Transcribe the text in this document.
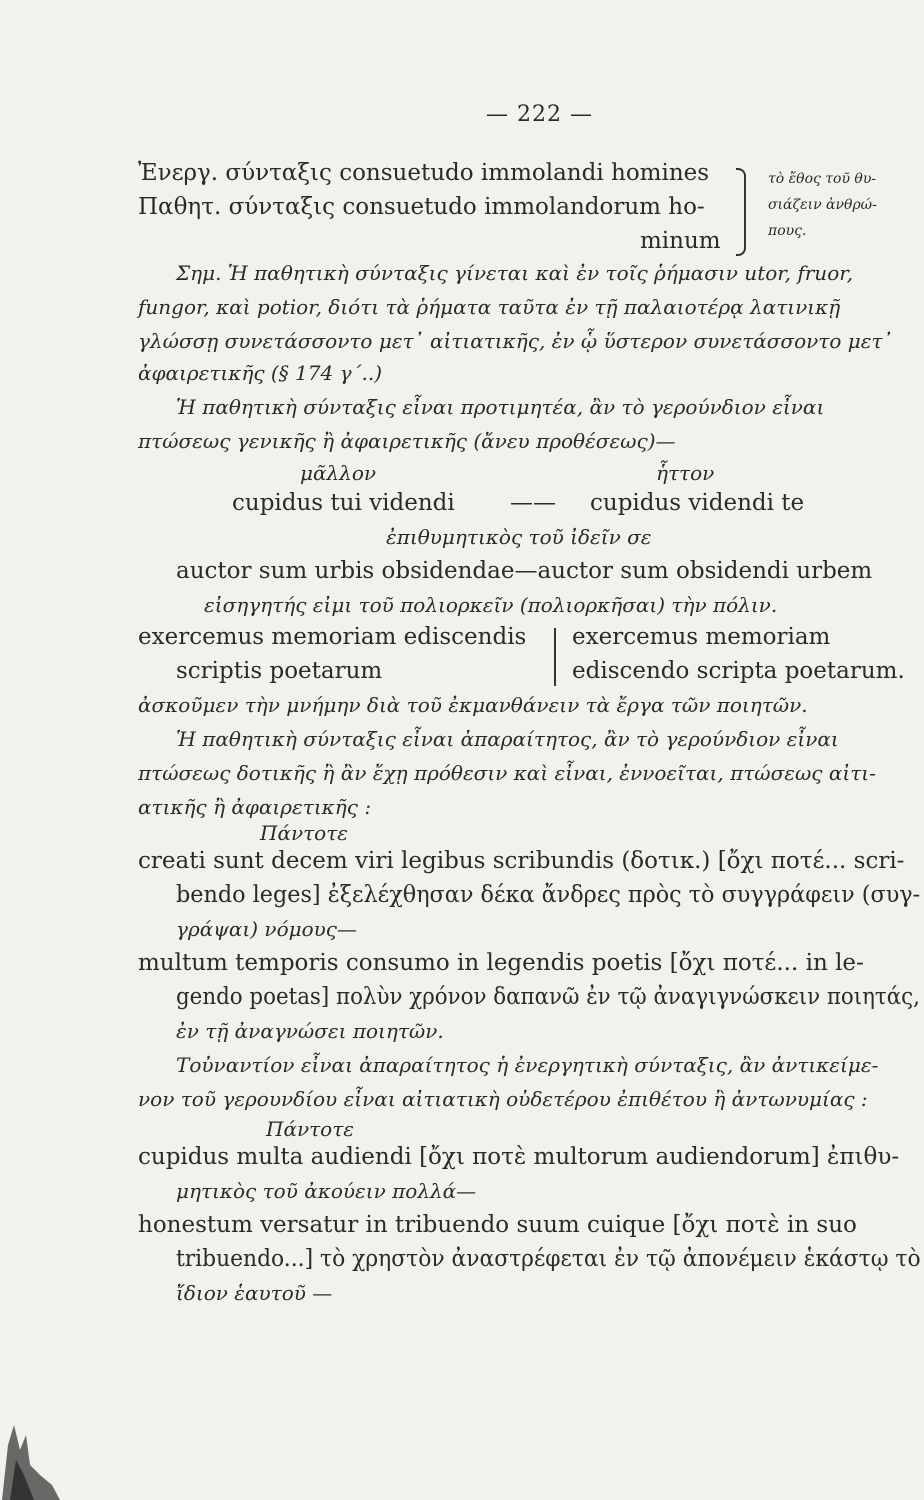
— 222 —
Ἐνεργ. σύνταξις consuetudo immolandi homines
Παθητ. σύνταξις consuetudo immolandorum ho-
minum
τὸ ἔθος τοῦ θυ-
σιάζειν ἀνθρώ-
πους.
Σημ. Ἡ παθητικὴ σύνταξις γίνεται καὶ ἐν τοῖς ῥήμασιν utor, fruor,
fungor, καὶ potior, διότι τὰ ῥήματα ταῦτα ἐν τῇ παλαιοτέρᾳ λατινικῇ
γλώσσῃ συνετάσσοντο μετ᾽ αἰτιατικῆς, ἐν ᾧ ὕστερον συνετάσσοντο μετ᾽
ἀφαιρετικῆς (§ 174 γ΄..)
Ἡ παθητικὴ σύνταξις εἶναι προτιμητέα, ἂν τὸ γερούνδιον εἶναι
πτώσεως γενικῆς ἢ ἀφαιρετικῆς (ἄνευ προθέσεως)—
μᾶλλον	ἧττον
cupidus tui videndi —— cupidus videndi te
ἐπιθυμητικὸς τοῦ ἰδεῖν σε
auctor sum urbis obsidendae—auctor sum obsidendi urbem
εἰσηγητής εἰμι τοῦ πολιορκεῖν (πολιορκῆσαι) τὴν πόλιν.
exercemus memoriam ediscendis exercemus memoriam
scriptis poetarum	ediscendo scripta poetarum.
ἀσκοῦμεν τὴν μνήμην διὰ τοῦ ἐκμανθάνειν τὰ ἔργα τῶν ποιητῶν.
Ἡ παθητικὴ σύνταξις εἶναι ἀπαραίτητος, ἂν τὸ γερούνδιον εἶναι
πτώσεως δοτικῆς ἢ ἂν ἔχῃ πρόθεσιν καὶ εἶναι, ἐννοεῖται, πτώσεως αἰτι-
ατικῆς ἢ ἀφαιρετικῆς :
Πάντοτε
creati sunt decem viri legibus scribundis (δοτικ.) [ὄχι ποτέ... scri-
bendo leges] ἐξελέχθησαν δέκα ἄνδρες πρὸς τὸ συγγράφειν (συγ-
γράψαι) νόμους—
multum temporis consumo in legendis poetis [ὄχι ποτέ... in le-
gendo poetas] πολὺν χρόνον δαπανῶ ἐν τῷ ἀναγιγνώσκειν ποιητάς,
ἐν τῇ ἀναγνώσει ποιητῶν.
Τοὐναντίον εἶναι ἀπαραίτητος ἡ ἐνεργητικὴ σύνταξις, ἂν ἀντικείμε-
νον τοῦ γερουνδίου εἶναι αἰτιατικὴ οὐδετέρου ἐπιθέτου ἢ ἀντωνυμίας :
Πάντοτε
cupidus multa audiendi [ὄχι ποτὲ multorum audiendorum] ἐπιθυ-
μητικὸς τοῦ ἀκούειν πολλά—
honestum versatur in tribuendo suum cuique [ὄχι ποτὲ in suo
tribuendo...] τὸ χρηστὸν ἀναστρέφεται ἐν τῷ ἀπονέμειν ἑκάστῳ τὸ
ἴδιον ἑαυτοῦ —
